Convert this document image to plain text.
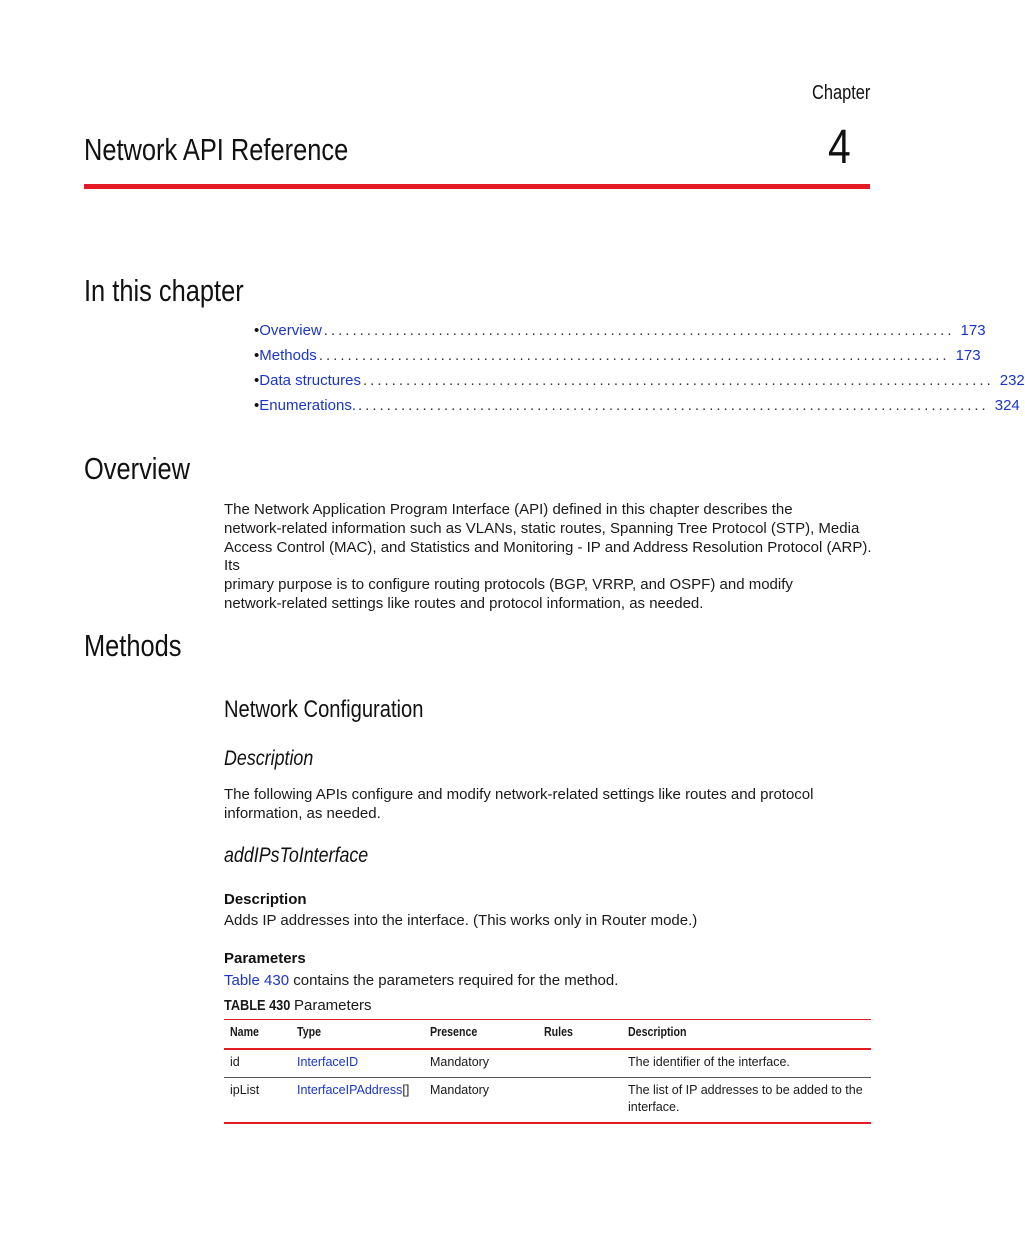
Chapter
4
Network API Reference
In this chapter
• Overview ........................................................................................ 173
• Methods ........................................................................................ 173
• Data structures ........................................................................................ 232
• Enumerations. ........................................................................................ 324
Overview
The Network Application Program Interface (API) defined in this chapter describes the
network-related information such as VLANs, static routes, Spanning Tree Protocol (STP), Media
Access Control (MAC), and Statistics and Monitoring - IP and Address Resolution Protocol (ARP). Its
primary purpose is to configure routing protocols (BGP, VRRP, and OSPF) and modify
network-related settings like routes and protocol information, as needed.
Methods
Network Configuration
Description
The following APIs configure and modify network-related settings like routes and protocol
information, as needed.
addIPsToInterface
Description
Adds IP addresses into the interface. (This works only in Router mode.)
Parameters
Table 430 contains the parameters required for the method.
TABLE 430 Parameters
Name	Type	Presence	Rules	Description
id	InterfaceID	Mandatory		The identifier of the interface.
ipList	InterfaceIPAddress[]	Mandatory		The list of IP addresses to be added to the interface.
